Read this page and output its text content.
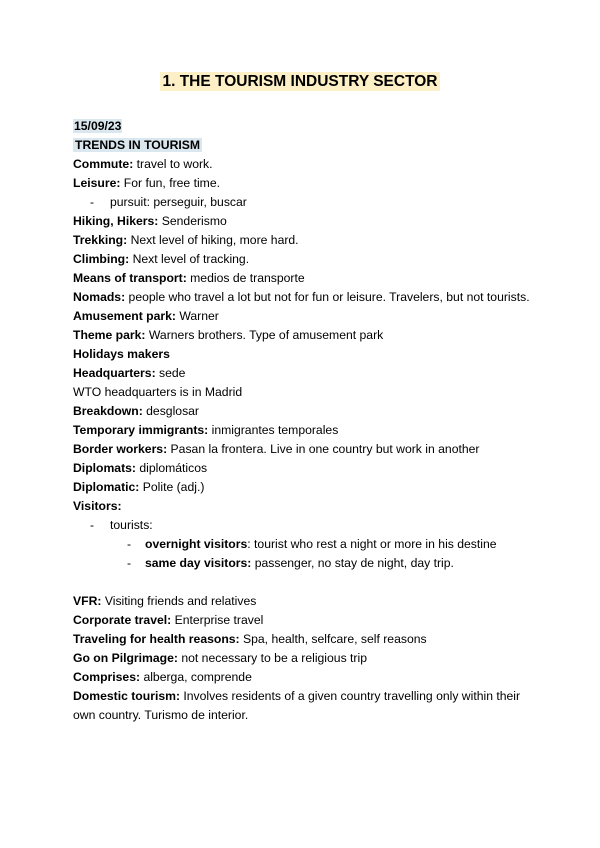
1. THE TOURISM INDUSTRY SECTOR
15/09/23
TRENDS IN TOURISM
Commute: travel to work.
Leisure: For fun, free time.
- pursuit: perseguir, buscar
Hiking, Hikers: Senderismo
Trekking: Next level of hiking, more hard.
Climbing: Next level of tracking.
Means of transport: medios de transporte
Nomads: people who travel a lot but not for fun or leisure. Travelers, but not tourists.
Amusement park: Warner
Theme park: Warners brothers. Type of amusement park
Holidays makers
Headquarters: sede
WTO headquarters is in Madrid
Breakdown: desglosar
Temporary immigrants: inmigrantes temporales
Border workers: Pasan la frontera. Live in one country but work in another
Diplomats: diplomáticos
Diplomatic: Polite (adj.)
Visitors:
- tourists:
- overnight visitors: tourist who rest a night or more in his destine
- same day visitors: passenger, no stay de night, day trip.
VFR: Visiting friends and relatives
Corporate travel: Enterprise travel
Traveling for health reasons: Spa, health, selfcare, self reasons
Go on Pilgrimage: not necessary to be a religious trip
Comprises: alberga, comprende
Domestic tourism: Involves residents of a given country travelling only within their own country. Turismo de interior.
